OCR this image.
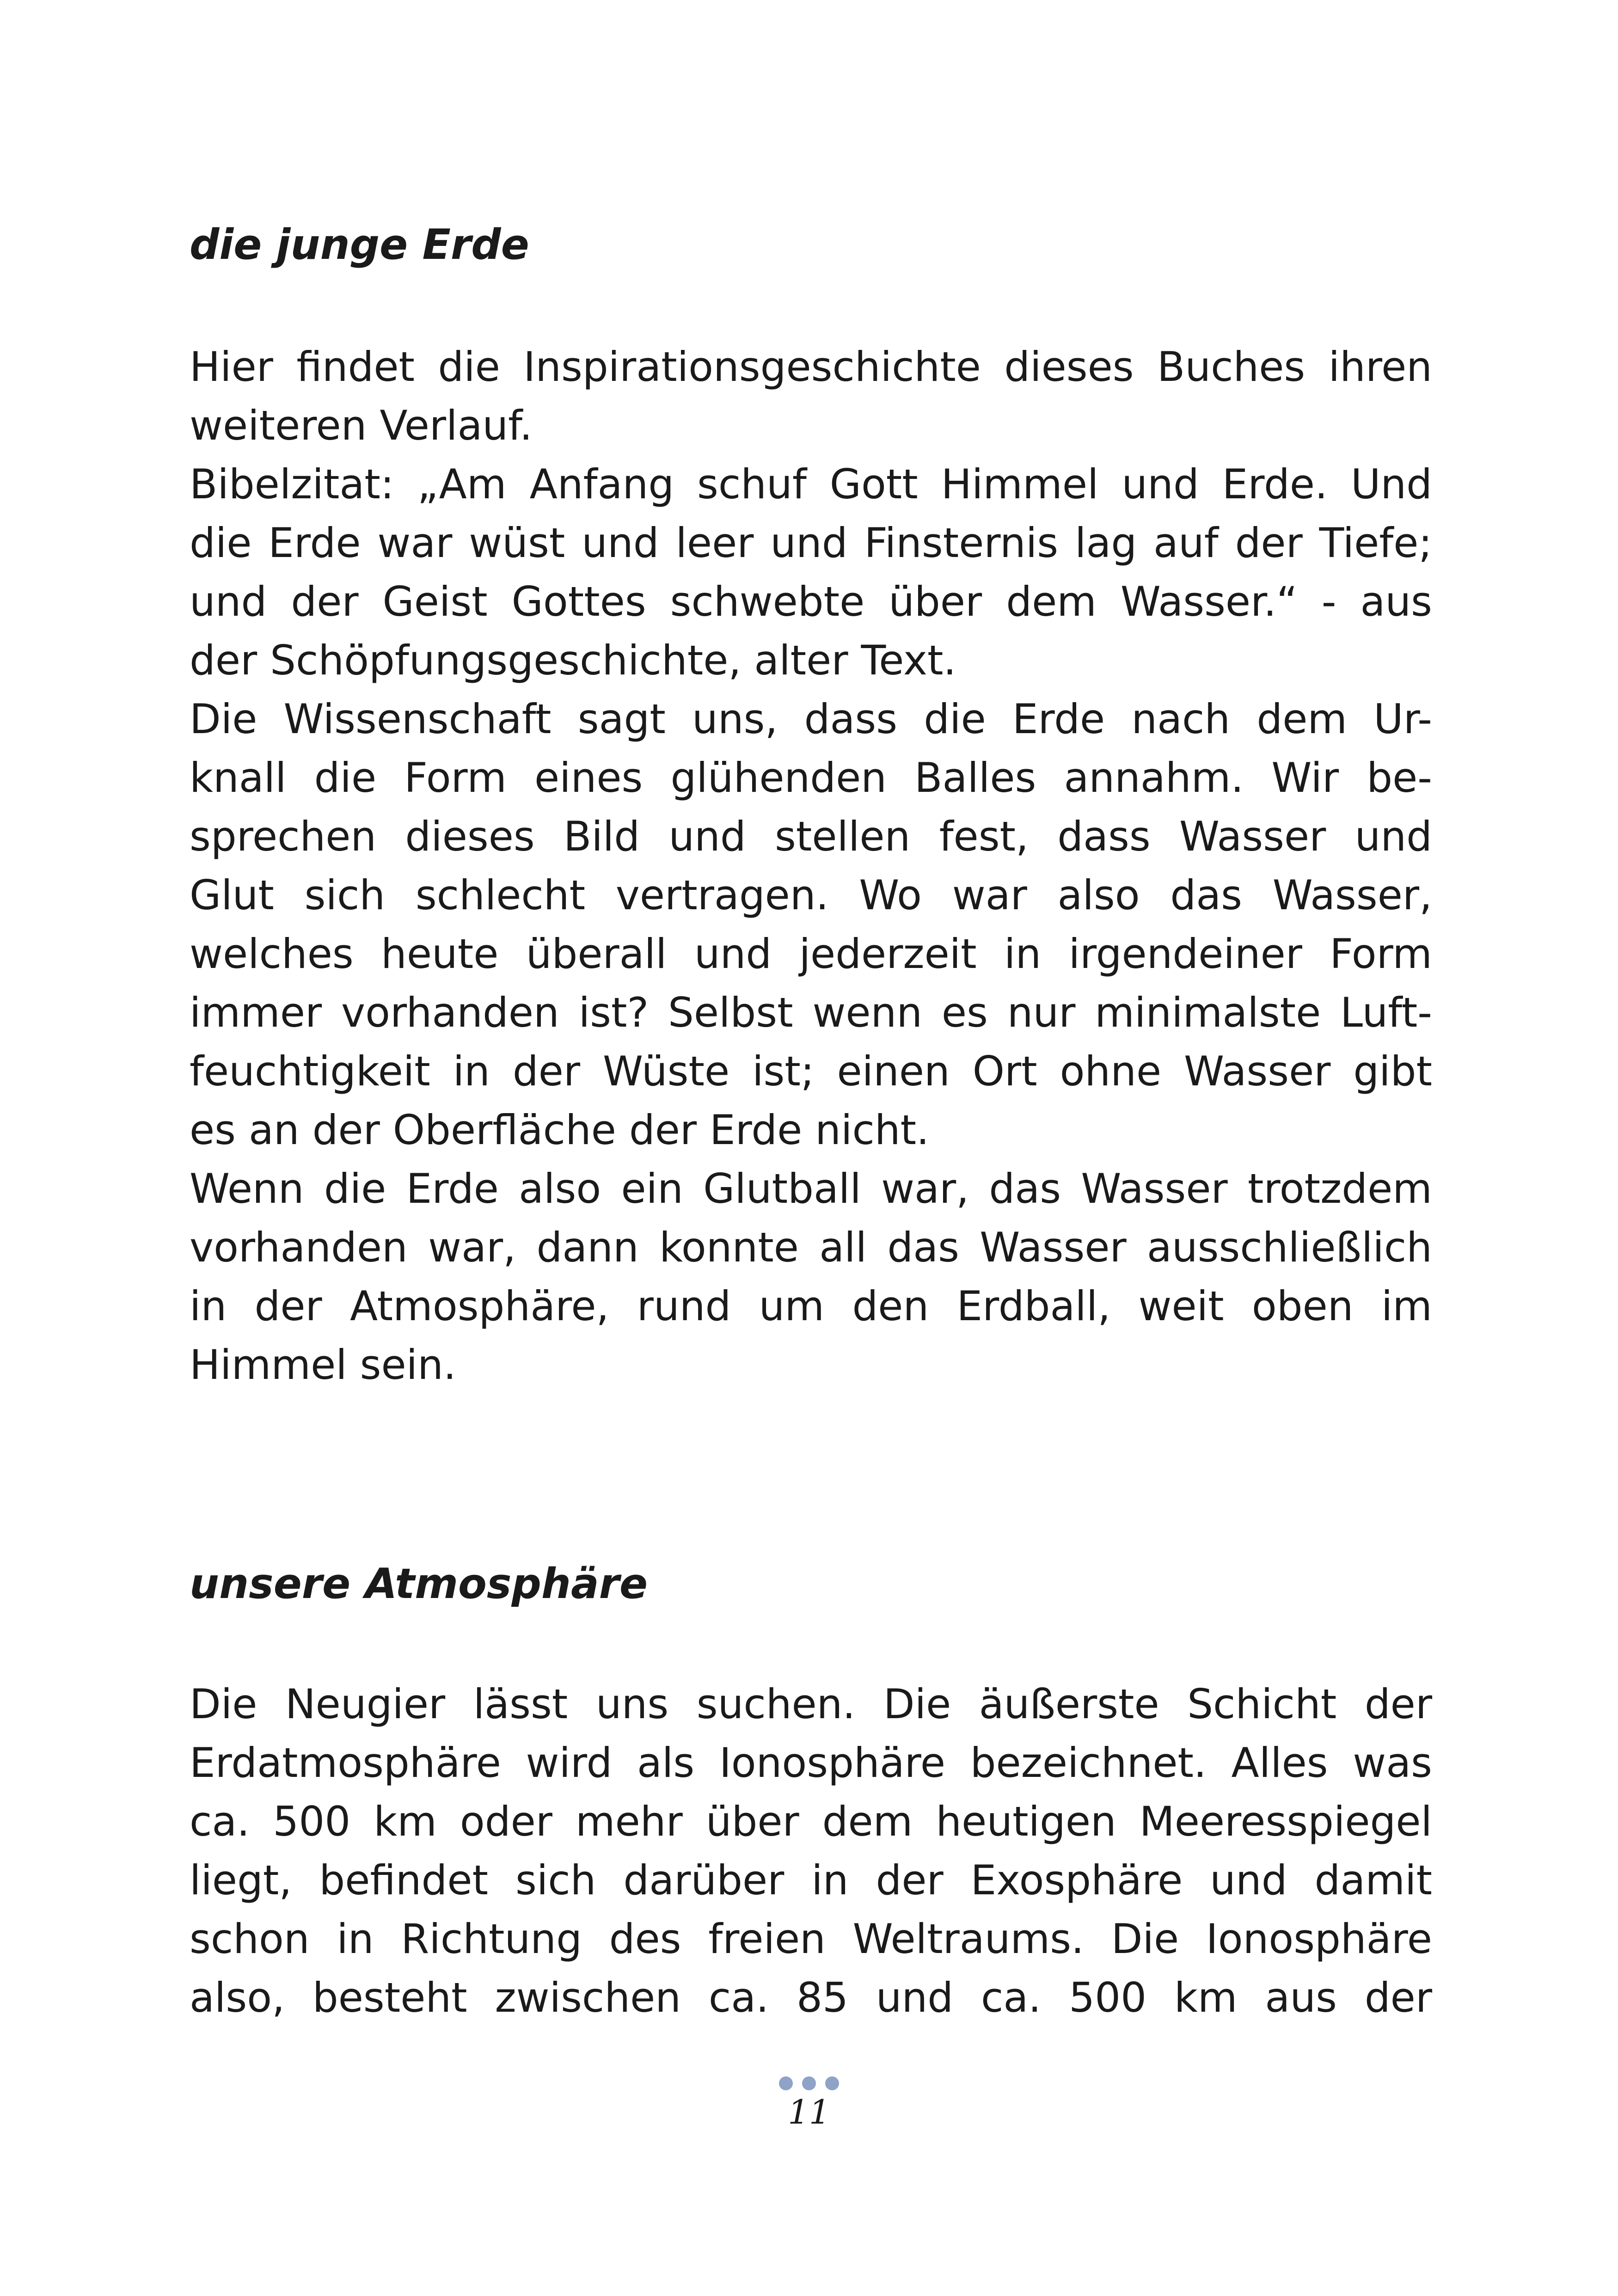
die junge Erde
Hier findet die Inspirationsgeschichte dieses Buches ihren
weiteren Verlauf.
Bibelzitat: „Am Anfang schuf Gott Himmel und Erde. Und
die Erde war wüst und leer und Finsternis lag auf der Tiefe;
und der Geist Gottes schwebte über dem Wasser.“ - aus
der Schöpfungsgeschichte, alter Text.
Die Wissenschaft sagt uns, dass die Erde nach dem Ur-
knall die Form eines glühenden Balles annahm. Wir be-
sprechen dieses Bild und stellen fest, dass Wasser und
Glut sich schlecht vertragen. Wo war also das Wasser,
welches heute überall und jederzeit in irgendeiner Form
immer vorhanden ist? Selbst wenn es nur minimalste Luft-
feuchtigkeit in der Wüste ist; einen Ort ohne Wasser gibt
es an der Oberfläche der Erde nicht.
Wenn die Erde also ein Glutball war, das Wasser trotzdem
vorhanden war, dann konnte all das Wasser ausschließlich
in der Atmosphäre, rund um den Erdball, weit oben im
Himmel sein.
unsere Atmosphäre
Die Neugier lässt uns suchen. Die äußerste Schicht der
Erdatmosphäre wird als Ionosphäre bezeichnet. Alles was
ca. 500 km oder mehr über dem heutigen Meeresspiegel
liegt, befindet sich darüber in der Exosphäre und damit
schon in Richtung des freien Weltraums. Die Ionosphäre
also, besteht zwischen ca. 85 und ca. 500 km aus der
11
